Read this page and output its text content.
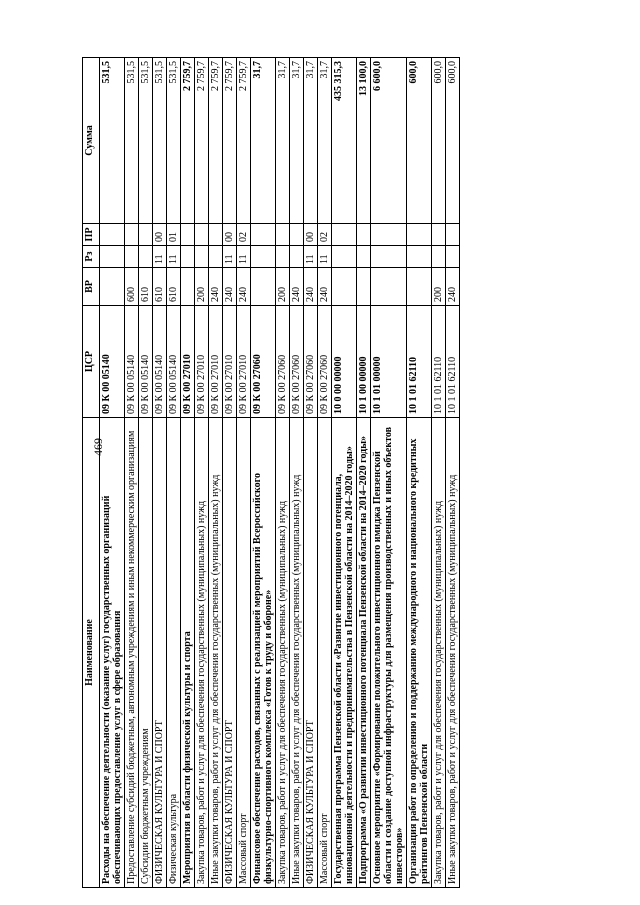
469
Наименование	ЦСР	ВР	Рз	ПР	Сумма
Расходы на обеспечение деятельности (оказание услуг) государственных организаций обеспечивающих предоставление услуг в сфере образования	09 К 00 05140				531,5
Предоставление субсидий бюджетным, автономным учреждениям и иным некоммерческим организациям	09 К 00 05140	600			531,5
Субсидии бюджетным учреждениям	09 К 00 05140	610			531,5
ФИЗИЧЕСКАЯ КУЛЬТУРА И СПОРТ	09 К 00 05140	610	11	00	531,5
Физическая культура	09 К 00 05140	610	11	01	531,5
Мероприятия в области физической культуры и спорта	09 К 00 27010				2 759,7
Закупка товаров, работ и услуг для обеспечения государственных (муниципальных) нужд	09 К 00 27010	200			2 759,7
Иные закупки товаров, работ и услуг для обеспечения государственных (муниципальных) нужд	09 К 00 27010	240			2 759,7
ФИЗИЧЕСКАЯ КУЛЬТУРА И СПОРТ	09 К 00 27010	240	11	00	2 759,7
Массовый спорт	09 К 00 27010	240	11	02	2 759,7
Финансовое обеспечение расходов, связанных с реализацией мероприятий Всероссийского физкультурно-спортивного комплекса «Готов к труду и обороне»	09 К 00 27060				31,7
Закупка товаров, работ и услуг для обеспечения государственных (муниципальных) нужд	09 К 00 27060	200			31,7
Иные закупки товаров, работ и услуг для обеспечения государственных (муниципальных) нужд	09 К 00 27060	240			31,7
ФИЗИЧЕСКАЯ КУЛЬТУРА И СПОРТ	09 К 00 27060	240	11	00	31,7
Массовый спорт	09 К 00 27060	240	11	02	31,7
Государственная программа Пензенской области «Развитие инвестиционного потенциала, инновационной деятельности и предпринимательства в Пензенской области на 2014–2020 годы»	10 0 00 00000				435 315,3
Подпрограмма «О развитии инвестиционного потенциала Пензенской области на 2014–2020 годы»	10 1 00 00000				13 100,0
Основное мероприятие «Формирование положительного инвестиционного имиджа Пензенской области и создание доступной инфраструктуры для размещения производственных и иных объектов инвесторов»	10 1 01 00000				6 600,0
Организация работ по определению и поддержанию международного и национального кредитных рейтингов Пензенской области	10 1 01 62110				600,0
Закупка товаров, работ и услуг для обеспечения государственных (муниципальных) нужд	10 1 01 62110	200			600,0
Иные закупки товаров, работ и услуг для обеспечения государственных (муниципальных) нужд	10 1 01 62110	240			600,0
